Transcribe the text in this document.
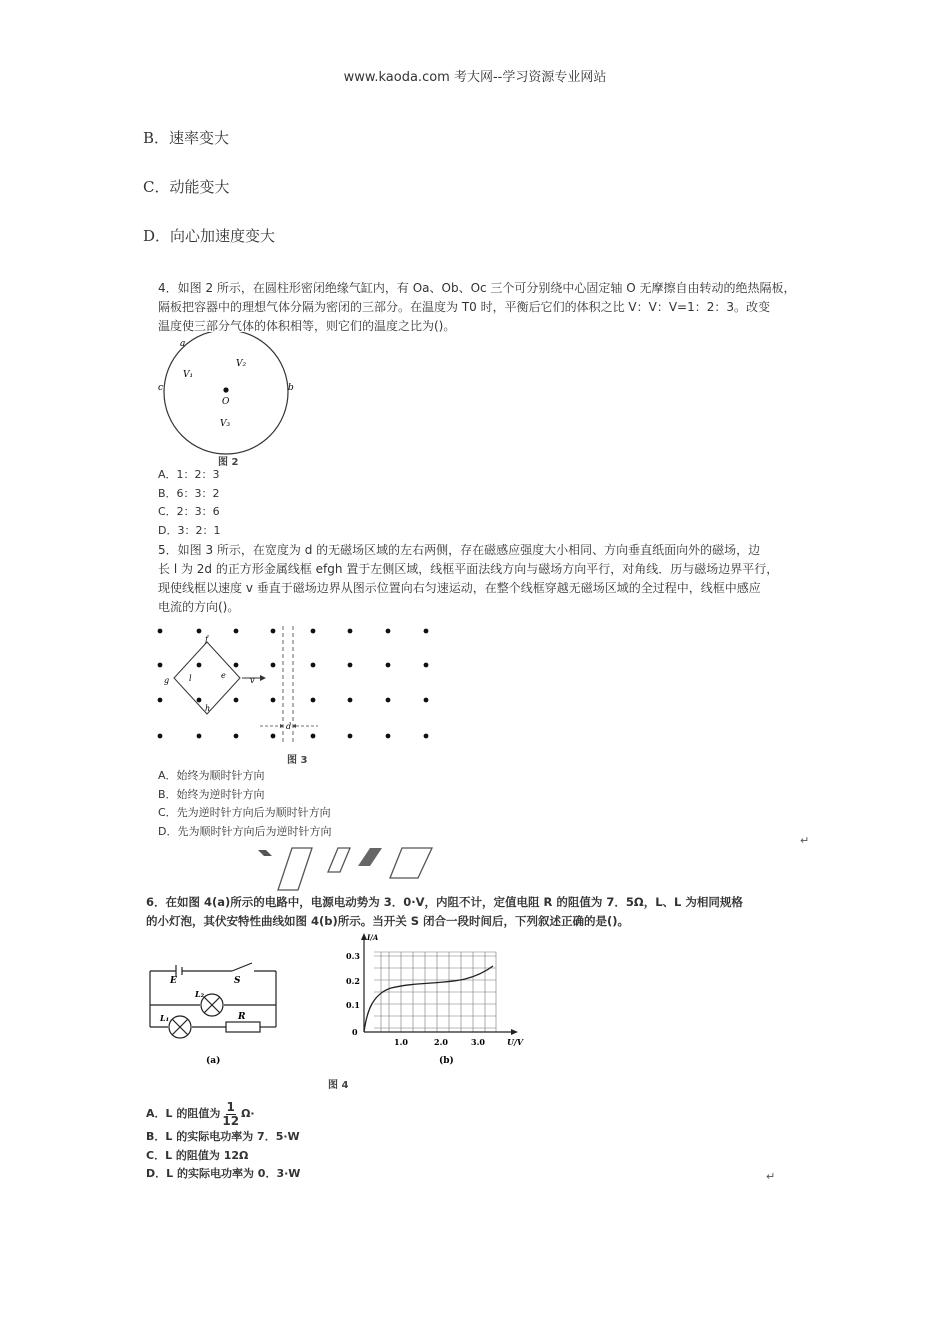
www.kaoda.com 考大网--学习资源专业网站
B．速率变大
C．动能变大
D．向心加速度变大
4．如图 2 所示，在圆柱形密闭绝缘气缸内，有 Oa、Ob、Oc 三个可分别绕中心固定轴 O 无摩擦自由转动的绝热隔板，
隔板把容器中的理想气体分隔为密闭的三部分。在温度为 T0 时，平衡后它们的体积之比 V：V：V=1：2：3。改变
温度使三部分气体的体积相等，则它们的温度之比为()。
a
V₂
V₁
c	b
O
V₃
图 2
A．1：2：3
B．6：3：2
C．2：3：6
D．3：2：1
5．如图 3 所示，在宽度为 d 的无磁场区域的左右两侧，存在磁感应强度大小相同、方向垂直纸面向外的磁场，边
长 l 为 2d 的正方形金属线框 efgh 置于左侧区域，线框平面法线方向与磁场方向平行，对角线．历与磁场边界平行，
现使线框以速度 v 垂直于磁场边界从图示位置向右匀速运动，在整个线框穿越无磁场区域的全过程中，线框中感应
电流的方向()。
f
e
g l	v
h
d
图 3
A．始终为顺时针方向
B．始终为逆时针方向
C．先为逆时针方向后为顺时针方向
D．先为顺时针方向后为逆时针方向
↵
6．在如图 4(a)所示的电路中，电源电动势为 3．0·V，内阻不计，定值电阻 R 的阻值为 7．5Ω，L、L 为相同规格
的小灯泡，其伏安特性曲线如图 4(b)所示。当开关 S 闭合一段时间后，下列叙述正确的是()。
E	S
L₂
L₁	R
(a)
I/A
0.3
0.2
0.1
0
1.0	2.0	3.0	U/V
(b)
图 4
A．L 的阻值为 $\frac{1}{12} \Omega\cdot$
B．L 的实际电功率为 7．5·W
C．L 的阻值为 12Ω
D．L 的实际电功率为 0．3·W	↵
